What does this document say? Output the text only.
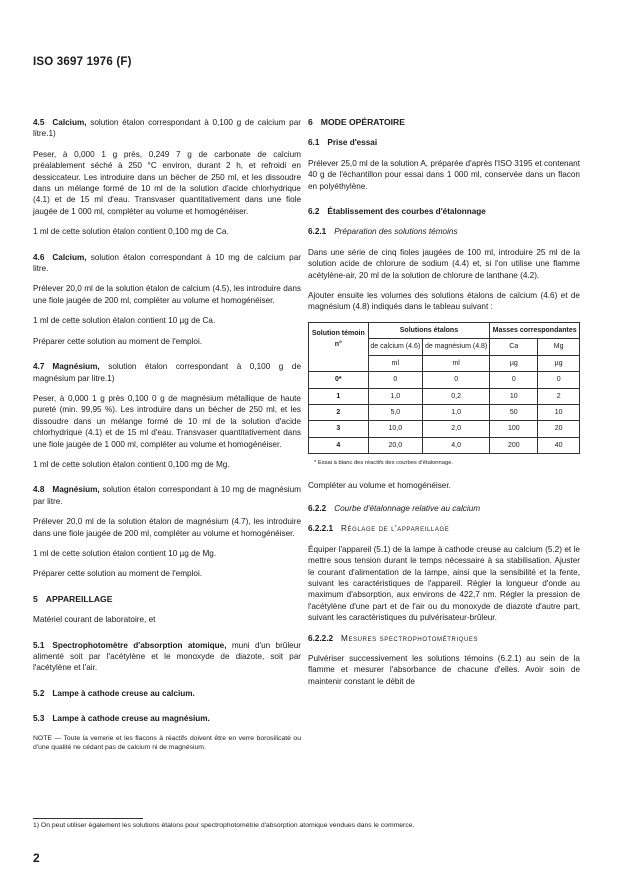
ISO 3697 1976 (F)

4.5 Calcium, solution étalon correspondant à 0,100 g de calcium par litre.1)

Peser, à 0,000 1 g près, 0,249 7 g de carbonate de calcium préalablement séché à 250 °C environ, durant 2 h, et refroidi en dessiccateur. Les introduire dans un bécher de 250 ml, et les dissoudre dans un mélange formé de 10 ml de la solution d'acide chlorhydrique (4.1) et de 15 ml d'eau. Transvaser quantitativement dans une fiole jaugée de 1 000 ml, compléter au volume et homogénéiser.

1 ml de cette solution étalon contient 0,100 mg de Ca.

4.6 Calcium, solution étalon correspondant à 10 mg de calcium par litre.

Prélever 20,0 ml de la solution étalon de calcium (4.5), les introduire dans une fiole jaugée de 200 ml, compléter au volume et homogénéiser.

1 ml de cette solution étalon contient 10 µg de Ca.

Préparer cette solution au moment de l'emploi.

4.7 Magnésium, solution étalon correspondant à 0,100 g de magnésium par litre.1)

Peser, à 0,000 1 g près 0,100 0 g de magnésium métallique de haute pureté (min. 99,95 %). Les introduire dans un bécher de 250 ml, et les dissoudre dans un mélange formé de 10 ml de la solution d'acide chlorhydrique (4.1) et de 15 ml d'eau. Transvaser quantitativement dans une fiole jaugée de 1 000 ml, compléter au volume et homogénéiser.

1 ml de cette solution étalon contient 0,100 mg de Mg.

4.8 Magnésium, solution étalon correspondant à 10 mg de magnésium par litre.

Prélever 20,0 ml de la solution étalon de magnésium (4.7), les introduire dans une fiole jaugée de 200 ml, compléter au volume et homogénéiser.

1 ml de cette solution étalon contient 10 µg de Mg.

Préparer cette solution au moment de l'emploi.

5 APPAREILLAGE

Matériel courant de laboratoire, et

5.1 Spectrophotomètre d'absorption atomique, muni d'un brûleur alimenté soit par l'acétylène et le monoxyde de diazote, soit par l'acétylène et l'air.

5.2 Lampe à cathode creuse au calcium.

5.3 Lampe à cathode creuse au magnésium.

NOTE — Toute la verrerie et les flacons à réactifs doivent être en verre borosilicaté ou d'une qualité ne cédant pas de calcium ni de magnésium.

6 MODE OPÉRATOIRE

6.1 Prise d'essai

Prélever 25,0 ml de la solution A, préparée d'après l'ISO 3195 et contenant 40 g de l'échantillon pour essai dans 1 000 ml, conservée dans un flacon en polyéthylène.

6.2 Établissement des courbes d'étalonnage

6.2.1 Préparation des solutions témoins

Dans une série de cinq fioles jaugées de 100 ml, introduire 25 ml de la solution acide de chlorure de sodium (4.4) et, si l'on utilise une flamme acétylène-air, 20 ml de la solution de chlorure de lanthane (4.2).

Ajouter ensuite les volumes des solutions étalons de calcium (4.6) et de magnésium (4.8) indiqués dans le tableau suivant :

Solution témoin n°	Solutions étalons		Masses correspondantes	
	de calcium (4.6)	de magnésium (4.8)	Ca	Mg
	ml	ml	µg	µg
0*	0	0	0	0
1	1,0	0,2	10	2
2	5,0	1,0	50	10
3	10,0	2,0	100	20
4	20,0	4,0	200	40
* Essai à blanc des réactifs des courbes d'étalonnage.

Compléter au volume et homogénéiser.

6.2.2 Courbe d'étalonnage relative au calcium

6.2.2.1 Réglage de l'appareillage

Équiper l'appareil (5.1) de la lampe à cathode creuse au calcium (5.2) et le mettre sous tension durant le temps nécessaire à sa stabilisation. Ajuster le courant d'alimentation de la lampe, ainsi que la sensibilité et la fente, suivant les caractéristiques de l'appareil. Régler la longueur d'onde au maximum d'absorption, aux environs de 422,7 nm. Régler la pression de l'acétylène d'une part et de l'air ou du monoxyde de diazote d'autre part, suivant les caractéristiques du pulvérisateur-brûleur.

6.2.2.2 Mesures spectrophotométriques

Pulvériser successivement les solutions témoins (6.2.1) au sein de la flamme et mesurer l'absorbance de chacune d'elles. Avoir soin de maintenir constant le débit de

1) On peut utiliser également les solutions étalons pour spectrophotométrie d'absorption atomique vendues dans le commerce.
2
